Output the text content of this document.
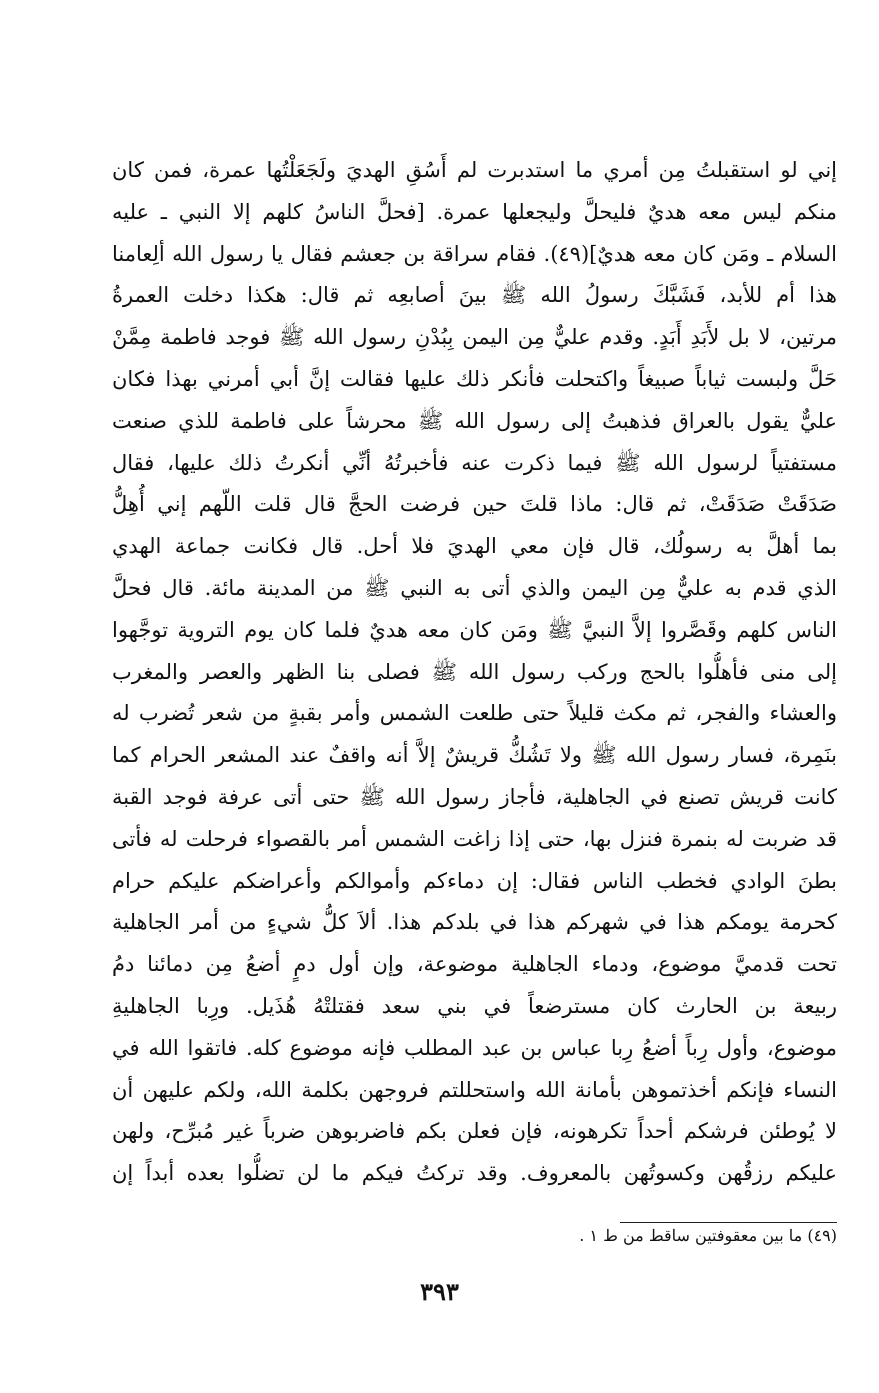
إني لو استقبلتُ مِن أمري ما استدبرت لم أَسُقِ الهديَ ولَجَعَلْتُها عمرة، فمن كان
منكم ليس معه هديٌ فليحلَّ وليجعلها عمرة. [فحلَّ الناسُ كلهم إلا النبي ـ عليه
السلام ـ ومَن كان معه هديٌ](٤٩). فقام سراقة بن جعشم فقال يا رسول الله ألِعامنا
هذا أم للأبد، فَشَبَّكَ رسولُ الله ﷺ بينَ أصابعِه ثم قال: هكذا دخلت العمرةُ
مرتين، لا بل لأَبَدِ أَبَدٍ. وقدم عليٌّ مِن اليمن بِبُدْنِ رسول الله ﷺ فوجد فاطمة مِمَّنْ
حَلَّ ولبست ثياباً صبيغاً واكتحلت فأنكر ذلك عليها فقالت إنَّ أبي أمرني بهذا فكان
عليٌّ يقول بالعراق فذهبتُ إلى رسول الله ﷺ محرشاً على فاطمة للذي صنعت
مستفتياً لرسول الله ﷺ فيما ذكرت عنه فأخبرتُهُ أنِّي أنكرتُ ذلك عليها، فقال
صَدَقَتْ صَدَقَتْ، ثم قال: ماذا قلتَ حين فرضت الحجَّ قال قلت اللّهم إني أُهِلُّ
بما أهلَّ به رسولُك، قال فإن معي الهديَ فلا أحل. قال فكانت جماعة الهدي
الذي قدم به عليٌّ مِن اليمن والذي أتى به النبي ﷺ من المدينة مائة. قال فحلَّ
الناس كلهم وقَصَّروا إلاَّ النبيَّ ﷺ ومَن كان معه هديٌ فلما كان يوم التروية توجَّهوا
إلى منى فأهلُّوا بالحج وركب رسول الله ﷺ فصلى بنا الظهر والعصر والمغرب
والعشاء والفجر، ثم مكث قليلاً حتى طلعت الشمس وأمر بقبةٍ من شعر تُضرب له
بنَمِرة، فسار رسول الله ﷺ ولا تَشُكُّ قريشٌ إلاَّ أنه واقفٌ عند المشعر الحرام كما
كانت قريش تصنع في الجاهلية، فأجاز رسول الله ﷺ حتى أتى عرفة فوجد القبة
قد ضربت له بنمرة فنزل بها، حتى إذا زاغت الشمس أمر بالقصواء فرحلت له فأتى
بطنَ الوادي فخطب الناس فقال: إن دماءكم وأموالكم وأعراضكم عليكم حرام
كحرمة يومكم هذا في شهركم هذا في بلدكم هذا. ألاَ كلُّ شيءٍ من أمر الجاهلية
تحت قدميَّ موضوع، ودماء الجاهلية موضوعة، وإن أول دمٍ أضعُ مِن دمائنا دمُ
ربيعة بن الحارث كان مسترضعاً في بني سعد فقتلتْهُ هُذَيل. ورِبا الجاهليةِ
موضوع، وأول رِباً أضعُ رِبا عباس بن عبد المطلب فإنه موضوع كله. فاتقوا الله في
النساء فإنكم أخذتموهن بأمانة الله واستحللتم فروجهن بكلمة الله، ولكم عليهن أن
لا يُوطئن فرشكم أحداً تكرهونه، فإن فعلن بكم فاضربوهن ضرباً غير مُبرِّح، ولهن
عليكم رزقُهن وكسوتُهن بالمعروف. وقد تركتُ فيكم ما لن تضلُّوا بعده أبداً إن
(٤٩) ما بين معقوفتين ساقط من ط ١ .
٣٩٣
